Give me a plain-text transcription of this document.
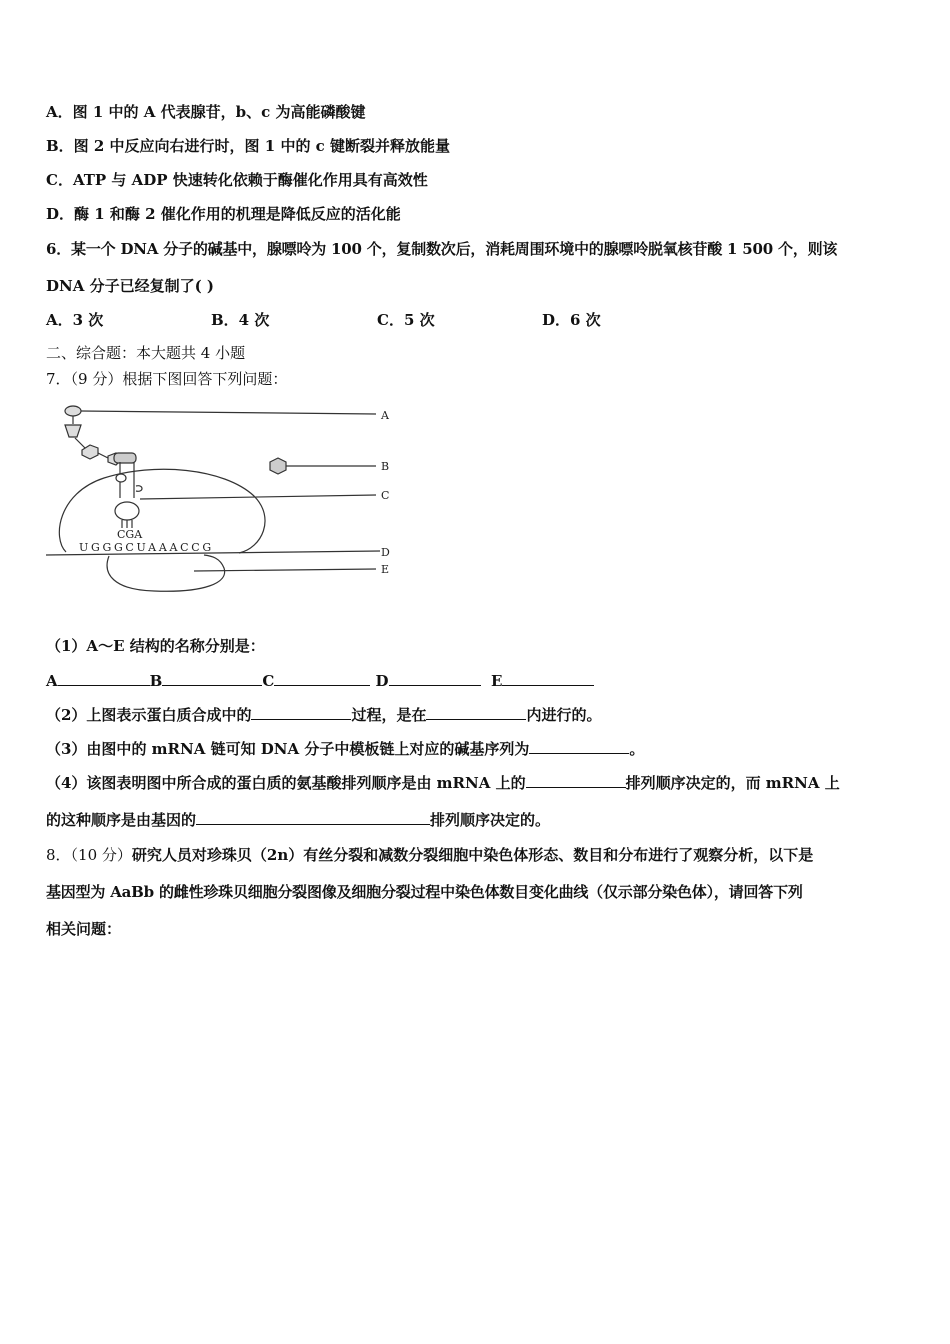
A．图 1 中的 A 代表腺苷，b、c 为高能磷酸键
B．图 2 中反应向右进行时，图 1 中的 c 键断裂并释放能量
C．ATP 与 ADP 快速转化依赖于酶催化作用具有高效性
D．酶 1 和酶 2 催化作用的机理是降低反应的活化能
6．某一个 DNA 分子的碱基中，腺嘌呤为 100 个，复制数次后，消耗周围环境中的腺嘌呤脱氧核苷酸 1 500 个，则该
DNA 分子已经复制了( )
A．3 次	B．4 次	C．5 次	D．6 次
二、综合题：本大题共 4 小题
7．（9 分）根据下图回答下列问题：
CGA
UGGGCUAAACCG
A
B
C
D
E
（1）A～E 结构的名称分别是：
A	B	C	D	E
（2）上图表示蛋白质合成中的	过程，是在	内进行的。
（3）由图中的 mRNA 链可知 DNA 分子中模板链上对应的碱基序列为	。
（4）该图表明图中所合成的蛋白质的氨基酸排列顺序是由 mRNA 上的	排列顺序决定的，而 mRNA 上
的这种顺序是由基因的	排列顺序决定的。
8．（10 分）研究人员对珍珠贝（2n）有丝分裂和减数分裂细胞中染色体形态、数目和分布进行了观察分析，以下是
基因型为 AaBb 的雌性珍珠贝细胞分裂图像及细胞分裂过程中染色体数目变化曲线（仅示部分染色体），请回答下列
相关问题：
